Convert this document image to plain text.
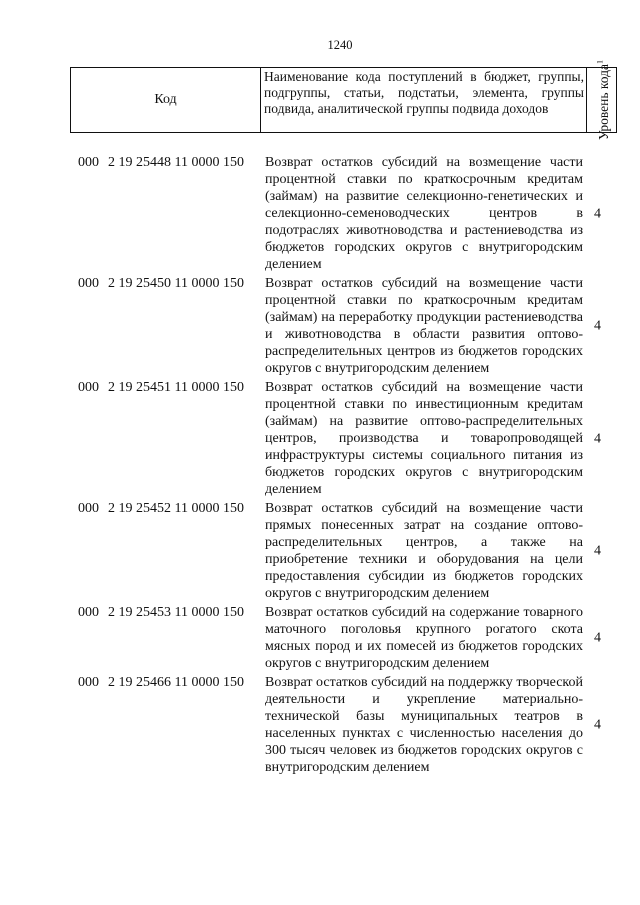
1240
Код
Наименование кода поступлений в бюджет, группы, подгруппы, статьи, подстатьи, элемента, группы подвида, аналитической группы подвида доходов	Уровень кода$^1$
000 2 19 25448 11 0000 150 Возврат остатков субсидий на возмещение части процентной ставки по краткосрочным кредитам (займам) на развитие селекционно-генетических и селекционно-семеноводческих центров в подотраслях животноводства и растениеводства из бюджетов городских округов с внутригородским делением
4
000 2 19 25450 11 0000 150 Возврат остатков субсидий на возмещение части процентной ставки по краткосрочным кредитам (займам) на переработку продукции растениеводства и животноводства в области развития оптово-распределительных центров из бюджетов городских округов с внутригородским делением
4
000 2 19 25451 11 0000 150 Возврат остатков субсидий на возмещение части процентной ставки по инвестиционным кредитам (займам) на развитие оптово-распределительных центров, производства и товаропроводящей инфраструктуры системы социального питания из бюджетов городских округов с внутригородским делением
4
000 2 19 25452 11 0000 150 Возврат остатков субсидий на возмещение части прямых понесенных затрат на создание оптово-распределительных центров, а также на приобретение техники и оборудования на цели предоставления субсидии из бюджетов городских округов с внутригородским делением
4
000 2 19 25453 11 0000 150 Возврат остатков субсидий на содержание товарного маточного поголовья крупного рогатого скота мясных пород и их помесей из бюджетов городских округов с внутригородским делением
4
000 2 19 25466 11 0000 150 Возврат остатков субсидий на поддержку творческой деятельности и укрепление материально-технической базы муниципальных театров в населенных пунктах с численностью населения до 300 тысяч человек из бюджетов городских округов с внутригородским делением
4
